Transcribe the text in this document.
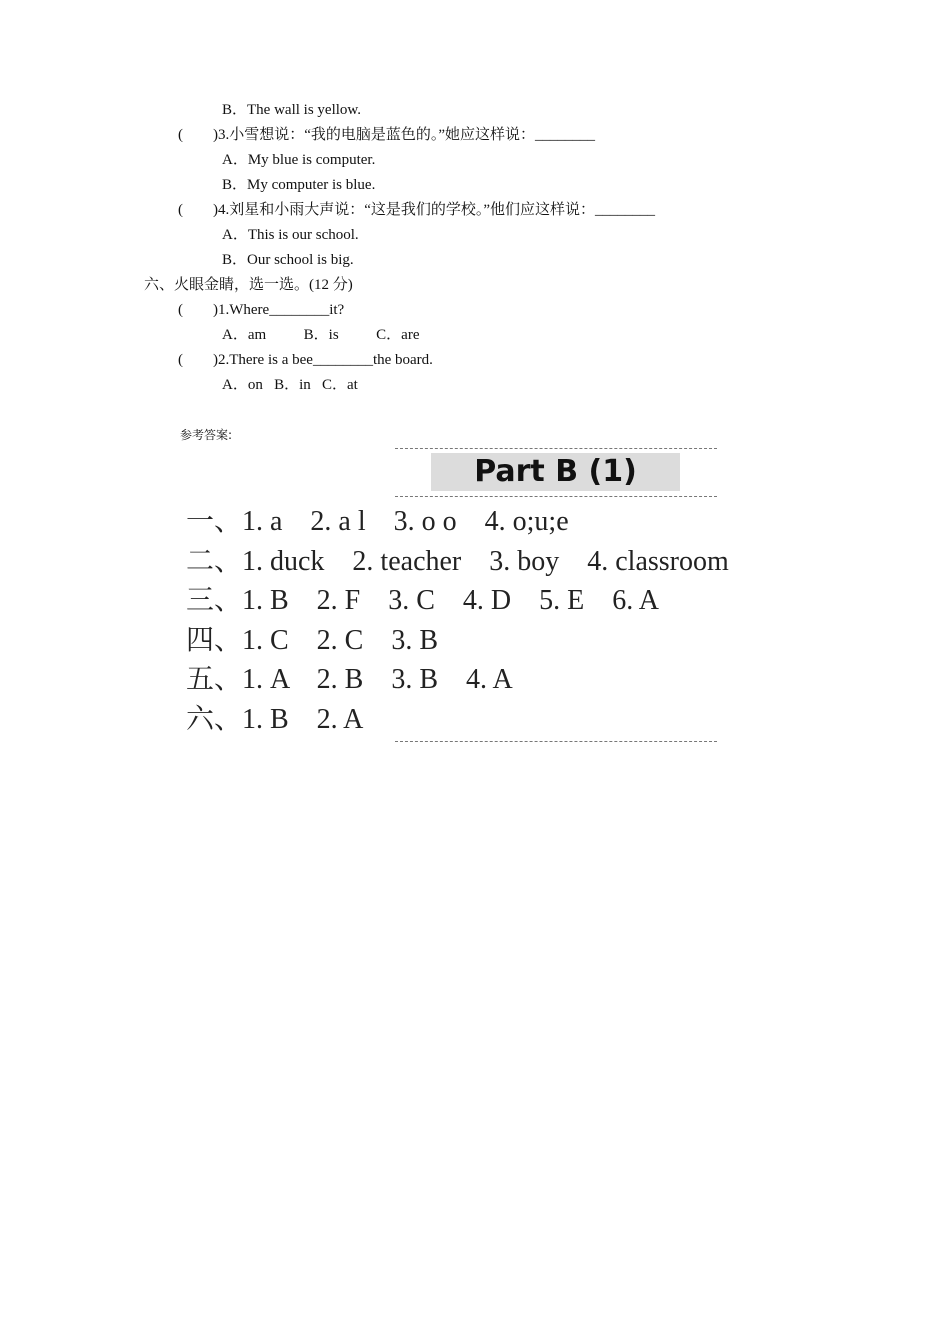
B．The wall is yellow.
(        )3.小雪想说：“我的电脑是蓝色的。”她应这样说：________
A．My blue is computer.
B．My computer is blue.
(        )4.刘星和小雨大声说：“这是我们的学校。”他们应这样说：________
A．This is our school.
B．Our school is big.
六、火眼金睛，选一选。(12 分)
(        )1.Where________it?
A．am          B．is          C．are
(        )2.There is a bee________the board.
A．on   B．in   C．at
参考答案:
Part B (1)
一、1. a    2. a l    3. o o    4. o;u;e
二、1. duck    2. teacher    3. boy    4. classroom
三、1. B    2. F    3. C    4. D    5. E    6. A
四、1. C    2. C    3. B
五、1. A    2. B    3. B    4. A
六、1. B    2. A
